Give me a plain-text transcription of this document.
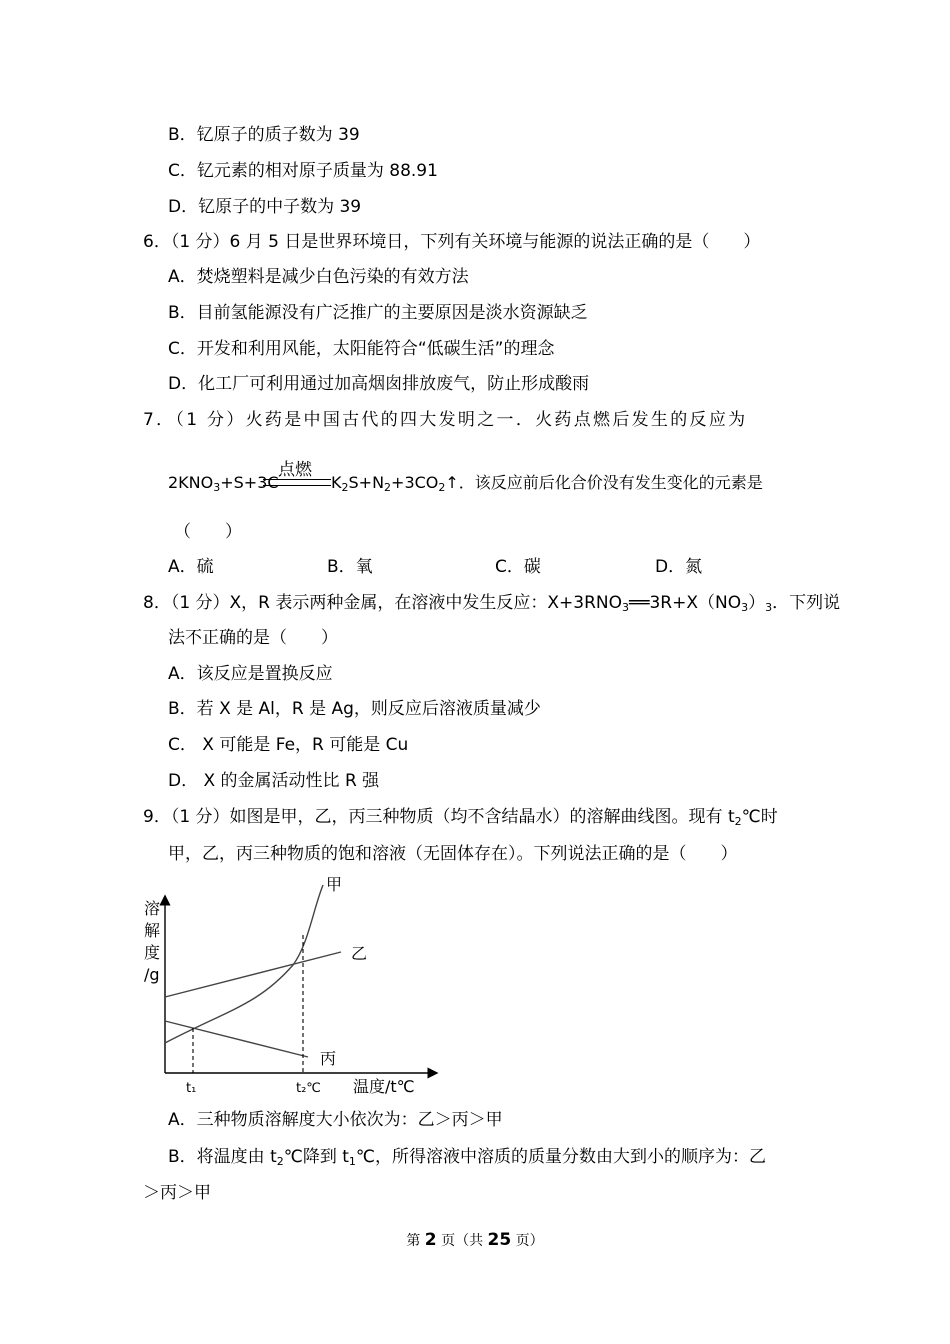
B．钇原子的质子数为 39
C．钇元素的相对原子质量为 88.91
D．钇原子的中子数为 39
6．（1 分）6 月 5 日是世界环境日，下列有关环境与能源的说法正确的是（　　）
A．焚烧塑料是减少白色污染的有效方法
B．目前氢能源没有广泛推广的主要原因是淡水资源缺乏
C．开发和利用风能，太阳能符合“低碳生活”的理念
D．化工厂可利用通过加高烟囱排放废气，防止形成酸雨
7．（1 分）火药是中国古代的四大发明之一．火药点燃后发生的反应为
点燃
$2KNO_3+S+3C$	$K_2S+N_2+3CO_2↑$．该反应前后化合价没有发生变化的元素是
（　　）
A．硫	B．氧	C．碳	D．氮
8．（1 分）X，R 表示两种金属，在溶液中发生反应：$X+3RNO_3══3R+X(NO_3)_3$．下列说
法不正确的是（　　）
A．该反应是置换反应
B．若 X 是 Al，R 是 Ag，则反应后溶液质量减少
C． X 可能是 Fe，R 可能是 Cu
D． X 的金属活动性比 R 强
9．（1 分）如图是甲，乙，丙三种物质（均不含结晶水）的溶解曲线图。现有 $t_2℃$时
甲，乙，丙三种物质的饱和溶液（无固体存在）。下列说法正确的是（　　）
溶
解
度
/g
甲
乙
丙
t₁	t₂℃ 温度/t℃
A．三种物质溶解度大小依次为：乙＞丙＞甲
B．将温度由 $t_2℃$降到 $t_1℃$，所得溶液中溶质的质量分数由大到小的顺序为：乙
＞丙＞甲
第 2 页（共 25 页）
